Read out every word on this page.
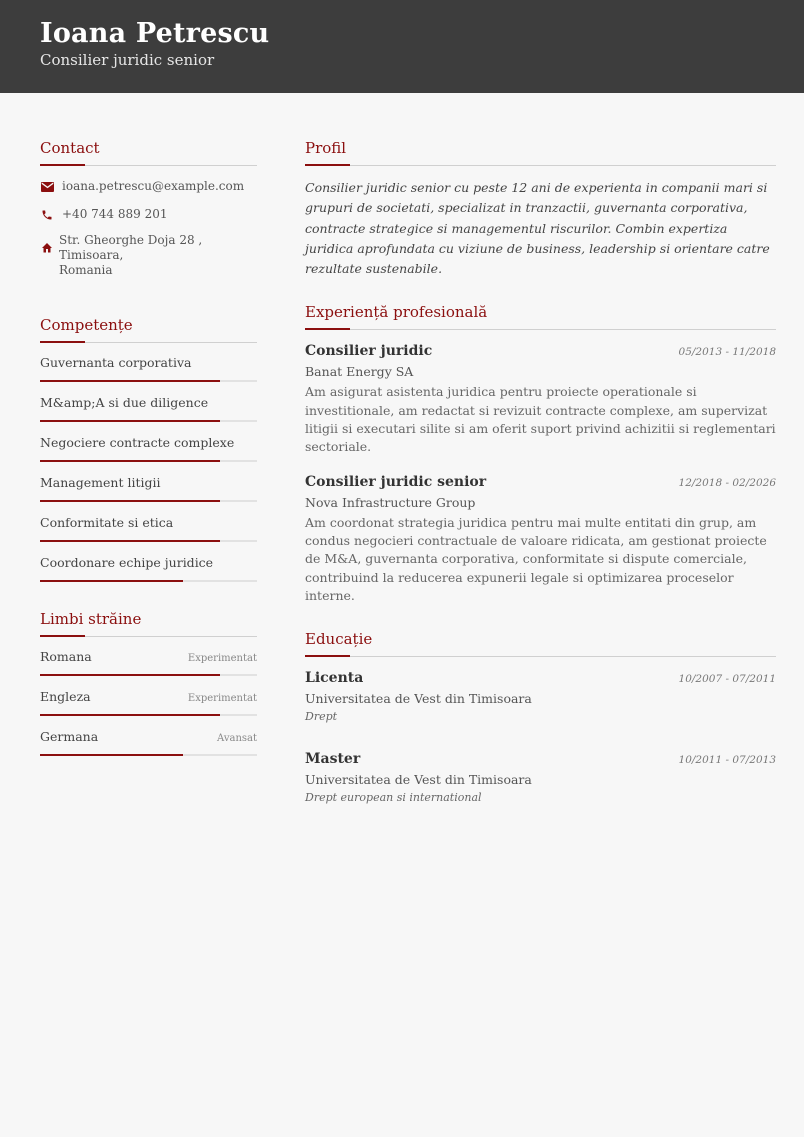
Ioana Petrescu
Consilier juridic senior
Contact
ioana.petrescu@example.com
+40 744 889 201
Str. Gheorghe Doja 28 , Timisoara,
Romania
Competențe
Guvernanta corporativa
M&amp;A si due diligence
Negociere contracte complexe
Management litigii
Conformitate si etica
Coordonare echipe juridice
Limbi străine
Romana	Experimentat
Engleza	Experimentat
Germana	Avansat
Profil
Consilier juridic senior cu peste 12 ani de experienta in companii mari si grupuri de societati, specializat in tranzactii, guvernanta corporativa, contracte strategice si managementul riscurilor. Combin expertiza juridica aprofundata cu viziune de business, leadership si orientare catre rezultate sustenabile.
Experiență profesională
Consilier juridic	05/2013 - 11/2018
Banat Energy SA
Am asigurat asistenta juridica pentru proiecte operationale si investitionale, am redactat si revizuit contracte complexe, am supervizat litigii si executari silite si am oferit suport privind achizitii si reglementari sectoriale.
Consilier juridic senior	12/2018 - 02/2026
Nova Infrastructure Group
Am coordonat strategia juridica pentru mai multe entitati din grup, am condus negocieri contractuale de valoare ridicata, am gestionat proiecte de M&A, guvernanta corporativa, conformitate si dispute comerciale, contribuind la reducerea expunerii legale si optimizarea proceselor interne.
Educație
Licenta	10/2007 - 07/2011
Universitatea de Vest din Timisoara
Drept
Master	10/2011 - 07/2013
Universitatea de Vest din Timisoara
Drept european si international
